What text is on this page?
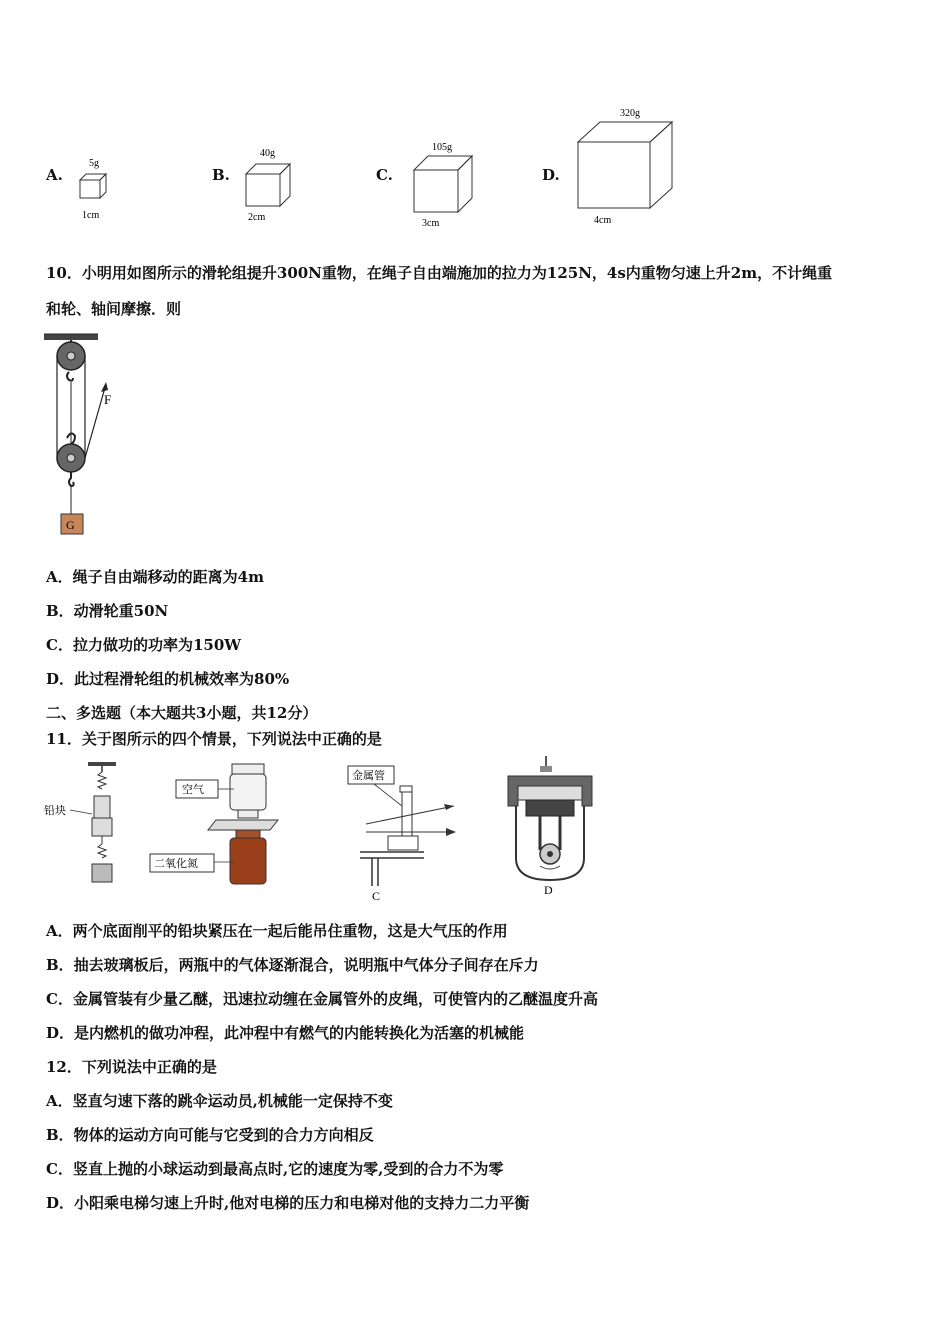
A.
5g
1cm
B.
40g
2cm
C.
105g
3cm
D.
320g
4cm
10．小明用如图所示的滑轮组提升300N重物，在绳子自由端施加的拉力为125N，4s内重物匀速上升2m，不计绳重
和轮、轴间摩擦．则
F
G
A．绳子自由端移动的距离为4m
B．动滑轮重50N
C．拉力做功的功率为150W
D．此过程滑轮组的机械效率为80%
二、多选题（本大题共3小题，共12分）
11．关于图所示的四个情景，下列说法中正确的是
铅块
空气
二氧化氮
金属管
C	D
A．两个底面削平的铅块紧压在一起后能吊住重物，这是大气压的作用
B．抽去玻璃板后，两瓶中的气体逐渐混合，说明瓶中气体分子间存在斥力
C．金属管装有少量乙醚，迅速拉动缠在金属管外的皮绳，可使管内的乙醚温度升高
D．是内燃机的做功冲程，此冲程中有燃气的内能转换化为活塞的机械能
12．下列说法中正确的是
A．竖直匀速下落的跳伞运动员,机械能一定保持不变
B．物体的运动方向可能与它受到的合力方向相反
C．竖直上抛的小球运动到最高点时,它的速度为零,受到的合力不为零
D．小阳乘电梯匀速上升时,他对电梯的压力和电梯对他的支持力二力平衡
